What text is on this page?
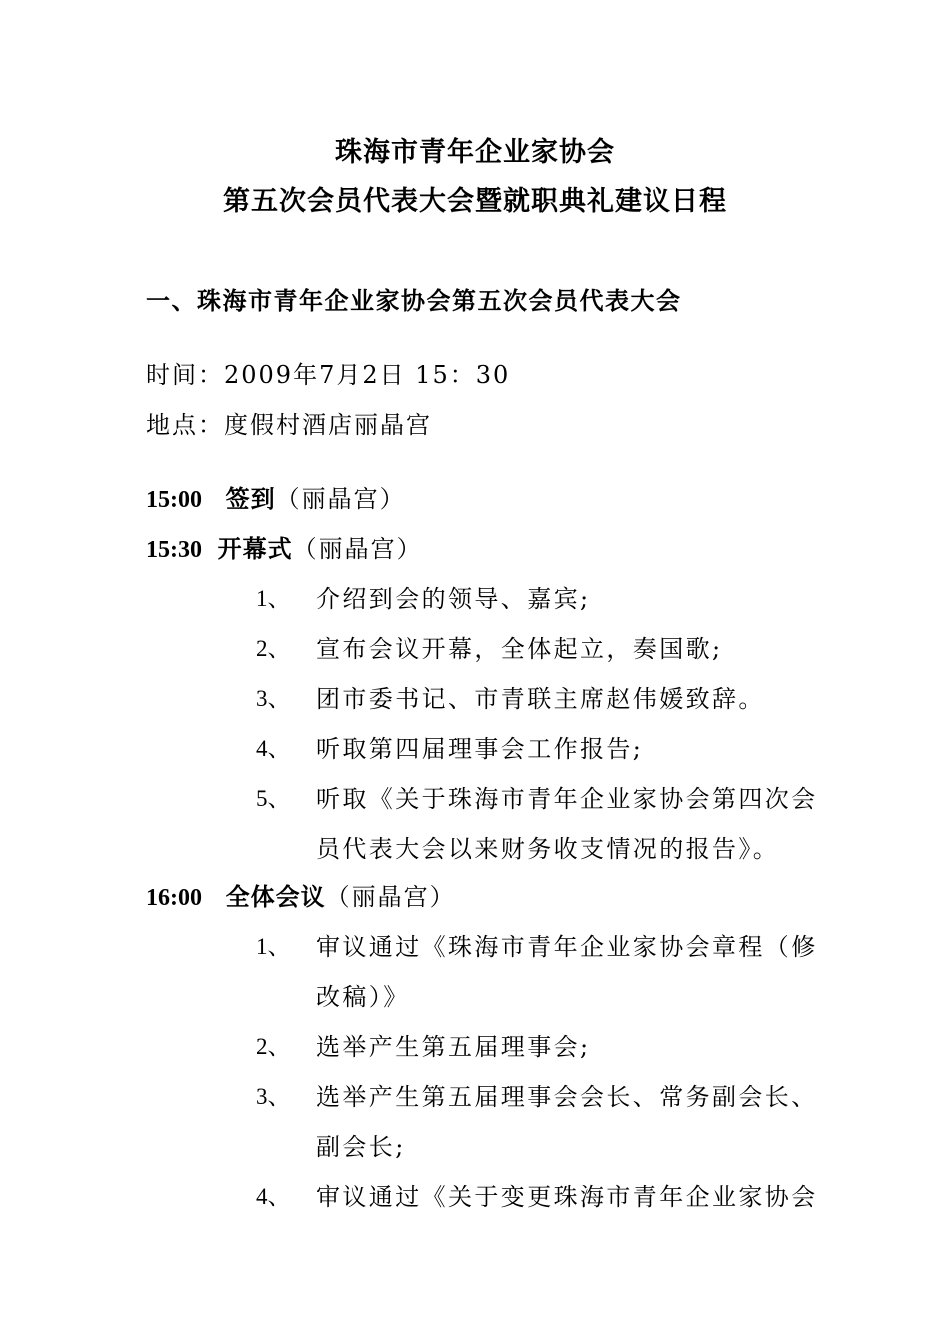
珠海市青年企业家协会
第五次会员代表大会暨就职典礼建议日程
一、珠海市青年企业家协会第五次会员代表大会
时间：2009年7月2日 15：30
地点：度假村酒店丽晶宫
15:00 签到（丽晶宫）
15:30 开幕式（丽晶宫）
1、 介绍到会的领导、嘉宾;
2、 宣布会议开幕，全体起立，奏国歌;
3、 团市委书记、市青联主席赵伟媛致辞。
4、 听取第四届理事会工作报告;
5、 听取《关于珠海市青年企业家协会第四次会
员代表大会以来财务收支情况的报告》。
16:00 全体会议（丽晶宫）
1、 审议通过《珠海市青年企业家协会章程（修
改稿）》
2、 选举产生第五届理事会;
3、 选举产生第五届理事会会长、常务副会长、
副会长;
4、 审议通过《关于变更珠海市青年企业家协会
